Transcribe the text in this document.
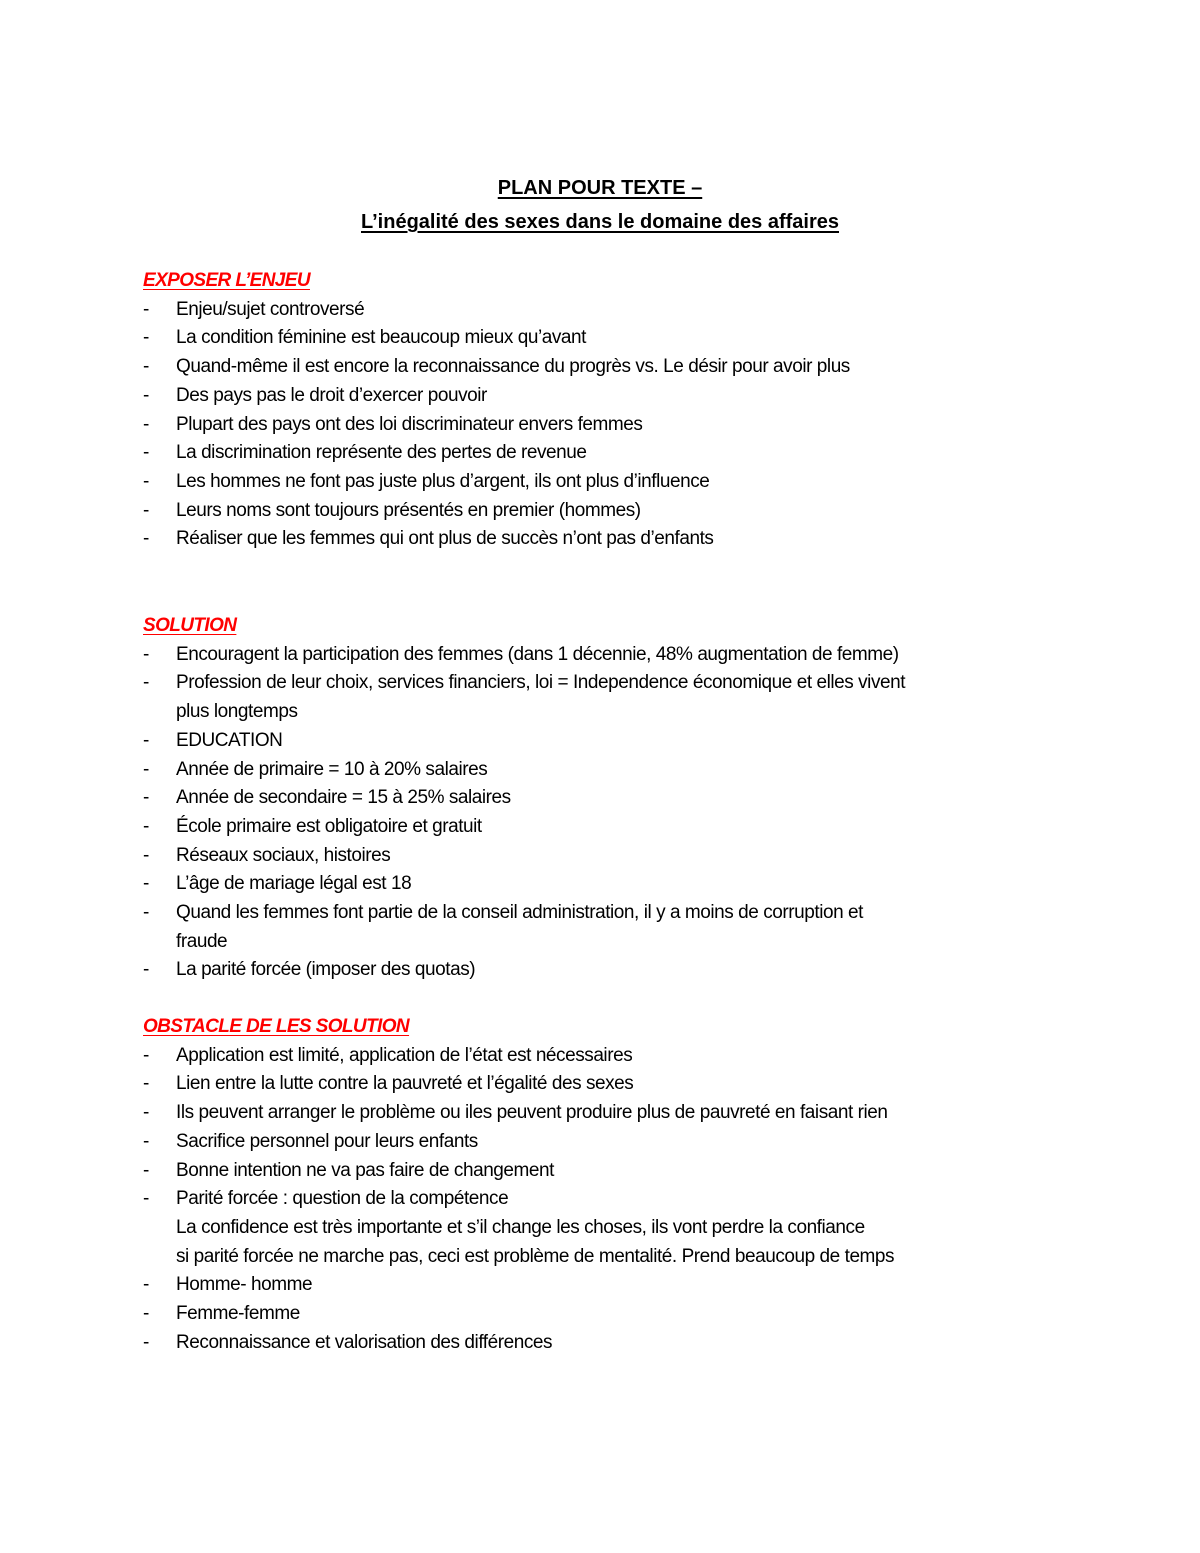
PLAN POUR TEXTE –
L’inégalité des sexes dans le domaine des affaires
EXPOSER L’ENJEU
-	Enjeu/sujet controversé
-	La condition féminine est beaucoup mieux qu’avant
-	Quand-même il est encore la reconnaissance du progrès vs. Le désir pour avoir plus
-	Des pays pas le droit d’exercer pouvoir
-	Plupart des pays ont des loi discriminateur envers femmes
-	La discrimination représente des pertes de revenue
-	Les hommes ne font pas juste plus d’argent, ils ont plus d’influence
-	Leurs noms sont toujours présentés en premier (hommes)
-	Réaliser que les femmes qui ont plus de succès n’ont pas d’enfants
SOLUTION
-	Encouragent la participation des femmes (dans 1 décennie, 48% augmentation de femme)
-	Profession de leur choix, services financiers, loi = Independence économique et elles vivent
plus longtemps
-	EDUCATION
-	Année de primaire = 10 à 20% salaires
-	Année de secondaire = 15 à 25% salaires
-	École primaire est obligatoire et gratuit
-	Réseaux sociaux, histoires
-	L’âge de mariage légal est 18
-	Quand les femmes font partie de la conseil administration, il y a moins de corruption et
fraude
-	La parité forcée (imposer des quotas)
OBSTACLE DE LES SOLUTION
-	Application est limité, application de l’état est nécessaires
-	Lien entre la lutte contre la pauvreté et l’égalité des sexes
-	Ils peuvent arranger le problème ou iles peuvent produire plus de pauvreté en faisant rien
-	Sacrifice personnel pour leurs enfants
-	Bonne intention ne va pas faire de changement
-	Parité forcée : question de la compétence
La confidence est très importante et s’il change les choses, ils vont perdre la confiance
si parité forcée ne marche pas, ceci est problème de mentalité. Prend beaucoup de temps
-	Homme- homme
-	Femme-femme
-	Reconnaissance et valorisation des différences
